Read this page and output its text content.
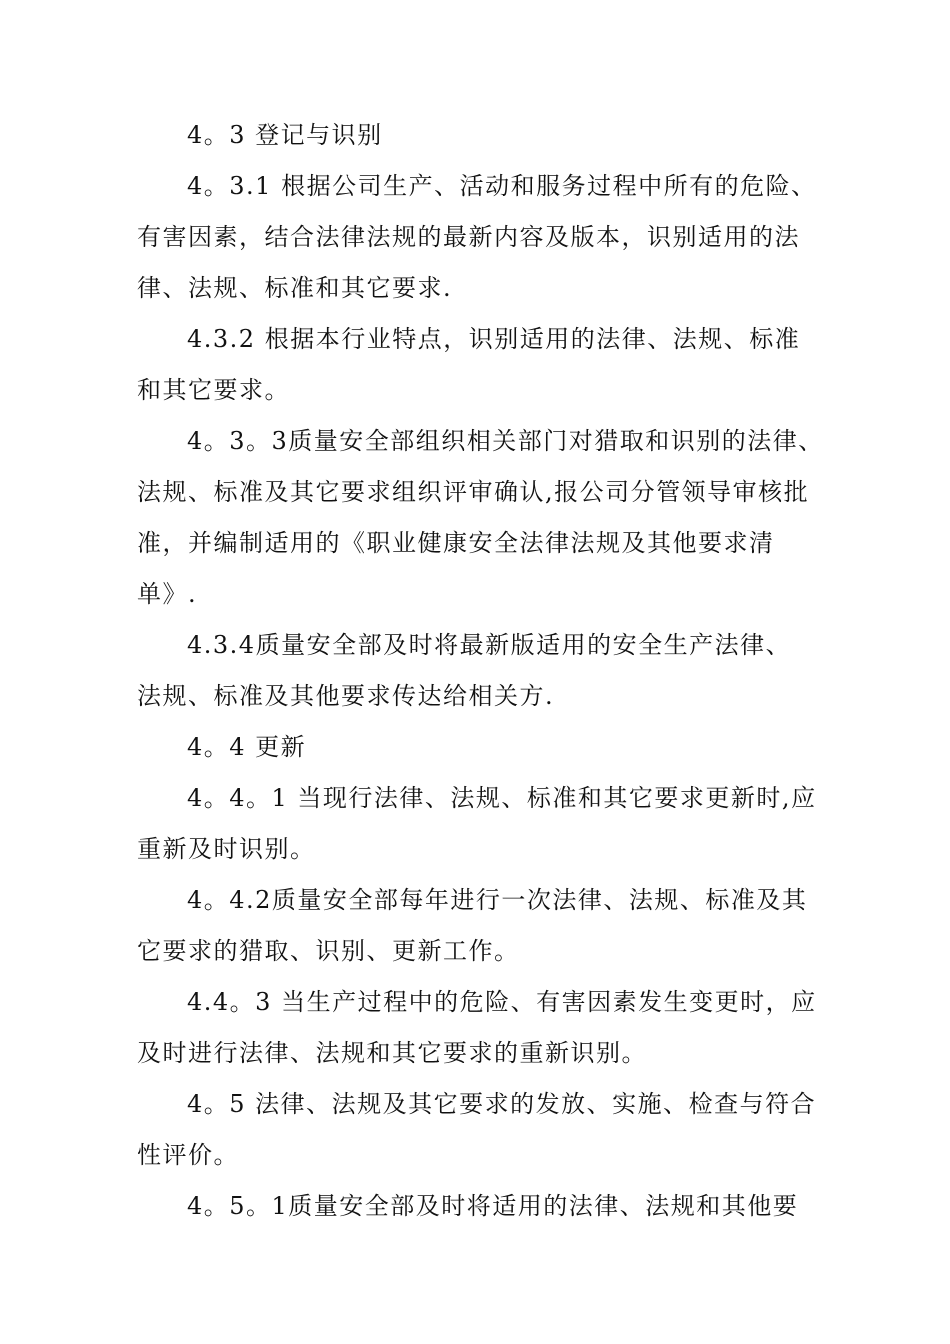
4。3 登记与识别
4。3.1 根据公司生产、活动和服务过程中所有的危险、
有害因素，结合法律法规的最新内容及版本，识别适用的法
律、法规、标准和其它要求.
4.3.2 根据本行业特点，识别适用的法律、法规、标准
和其它要求。
4。3。3质量安全部组织相关部门对猎取和识别的法律、
法规、标准及其它要求组织评审确认,报公司分管领导审核批
准，并编制适用的《职业健康安全法律法规及其他要求清
单》.
4.3.4质量安全部及时将最新版适用的安全生产法律、
法规、标准及其他要求传达给相关方.
4。4 更新
4。4。1 当现行法律、法规、标准和其它要求更新时,应
重新及时识别。
4。4.2质量安全部每年进行一次法律、法规、标准及其
它要求的猎取、识别、更新工作。
4.4。3 当生产过程中的危险、有害因素发生变更时，应
及时进行法律、法规和其它要求的重新识别。
4。5 法律、法规及其它要求的发放、实施、检查与符合
性评价。
4。5。1质量安全部及时将适用的法律、法规和其他要
